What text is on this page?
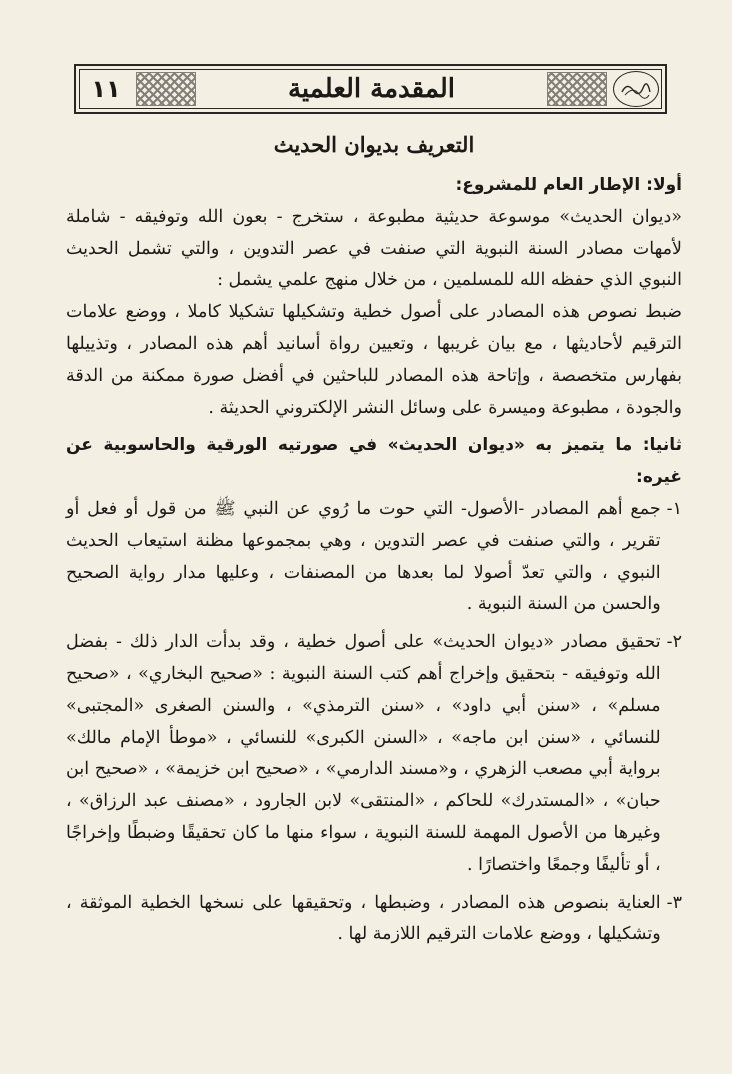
١١	المقدمة العلمية
التعريف بديوان الحديث
أولا: الإطار العام للمشروع:

«ديوان الحديث» موسوعة حديثية مطبوعة ، ستخرج - بعون الله وتوفيقه - شاملة لأمهات مصادر السنة النبوية التي صنفت في عصر التدوين ، والتي تشمل الحديث النبوي الذي حفظه الله للمسلمين ، من خلال منهج علمي يشمل :

ضبط نصوص هذه المصادر على أصول خطية وتشكيلها تشكيلا كاملا ، ووضع علامات الترقيم لأحاديثها ، مع بيان غريبها ، وتعيين رواة أسانيد أهم هذه المصادر ، وتذييلها بفهارس متخصصة ، وإتاحة هذه المصادر للباحثين في أفضل صورة ممكنة من الدقة والجودة ، مطبوعة وميسرة على وسائل النشر الإلكتروني الحديثة .

ثانيا: ما يتميز به «ديوان الحديث» في صورتيه الورقية والحاسوبية عن غيره:
١-
جمع أهم المصادر -الأصول- التي حوت ما رُوي عن النبي ﷺ من قول أو فعل أو تقرير ، والتي صنفت في عصر التدوين ، وهي بمجموعها مظنة استيعاب الحديث النبوي ، والتي تعدّ أصولا لما بعدها من المصنفات ، وعليها مدار رواية الصحيح والحسن من السنة النبوية .
٢-
تحقيق مصادر «ديوان الحديث» على أصول خطية ، وقد بدأت الدار ذلك - بفضل الله وتوفيقه - بتحقيق وإخراج أهم كتب السنة النبوية : «صحيح البخاري» ، «صحيح مسلم» ، «سنن أبي داود» ، «سنن الترمذي» ، والسنن الصغرى «المجتبى» للنسائي ، «سنن ابن ماجه» ، «السنن الكبرى» للنسائي ، «موطأ الإمام مالك» برواية أبي مصعب الزهري ، و«مسند الدارمي» ، «صحيح ابن خزيمة» ، «صحيح ابن حبان» ، «المستدرك» للحاكم ، «المنتقى» لابن الجارود ، «مصنف عبد الرزاق» ، وغيرها من الأصول المهمة للسنة النبوية ، سواء منها ما كان تحقيقًا وضبطًا وإخراجًا ، أو تأليفًا وجمعًا واختصارًا .
٣-
العناية بنصوص هذه المصادر ، وضبطها ، وتحقيقها على نسخها الخطية الموثقة ، وتشكيلها ، ووضع علامات الترقيم اللازمة لها .
